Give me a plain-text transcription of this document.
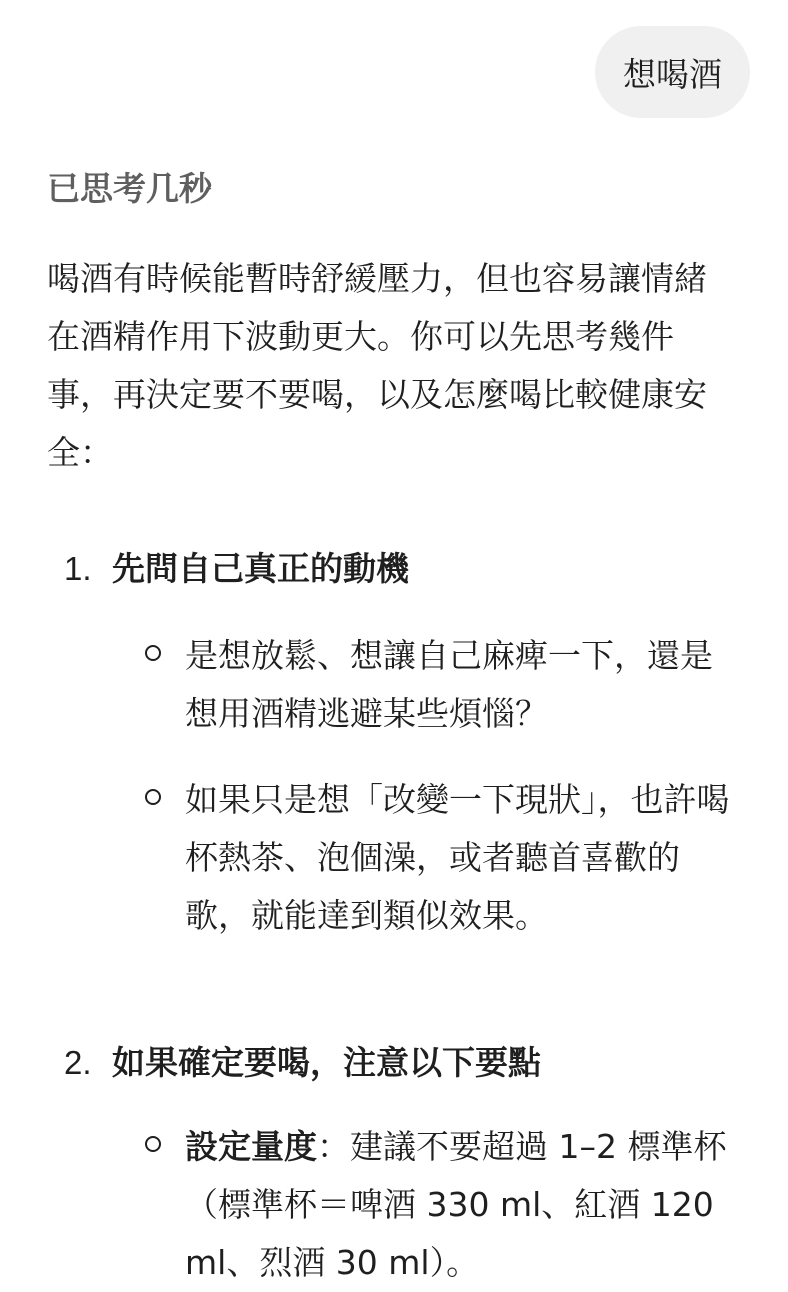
想喝酒
已思考几秒
喝酒有時候能暫時舒緩壓力，但也容易讓情緒在酒精作用下波動更大。你可以先思考幾件事，再決定要不要喝，以及怎麼喝比較健康安全：
1. 先問自己真正的動機
是想放鬆、想讓自己麻痺一下，還是想用酒精逃避某些煩惱？
如果只是想「改變一下現狀」，也許喝杯熱茶、泡個澡，或者聽首喜歡的歌，就能達到類似效果。
2. 如果確定要喝，注意以下要點
設定量度：建議不要超過 1–2 標準杯（標準杯＝啤酒 330 ml、紅酒 120 ml、烈酒 30 ml）。
